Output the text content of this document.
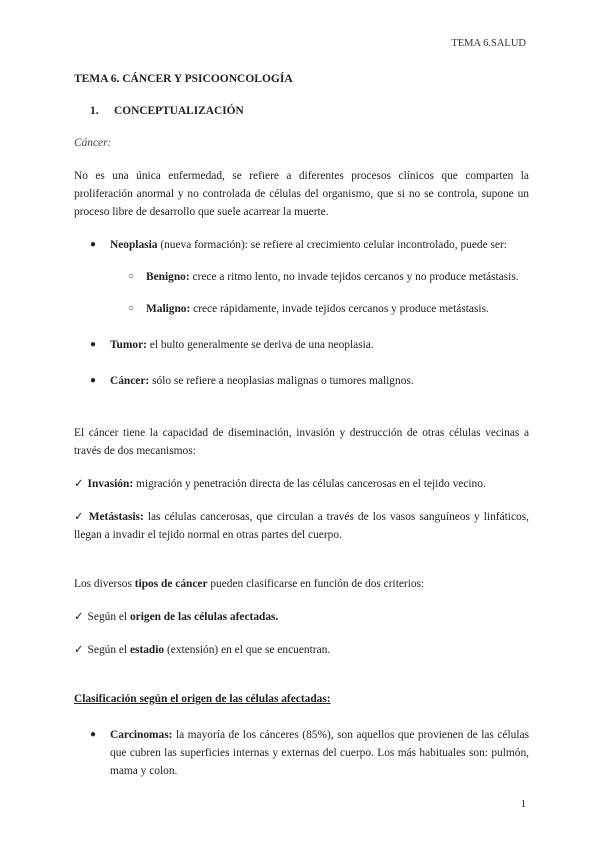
TEMA 6.SALUD
TEMA 6. CÁNCER Y PSICOONCOLOGÍA
1. CONCEPTUALIZACIÓN
Cáncer:

No es una única enfermedad, se refiere a diferentes procesos clínicos que comparten la proliferación anormal y no controlada de células del organismo, que si no se controla, supone un proceso libre de desarrollo que suele acarrear la muerte.

● Neoplasia (nueva formación): se refiere al crecimiento celular incontrolado, puede ser:
○ Benigno: crece a ritmo lento, no invade tejidos cercanos y no produce metástasis.
○ Maligno: crece rápidamente, invade tejidos cercanos y produce metástasis.
● Tumor: el bulto generalmente se deriva de una neoplasia.
● Cáncer: sólo se refiere a neoplasias malignas o tumores malignos.

El cáncer tiene la capacidad de diseminación, invasión y destrucción de otras células vecinas a través de dos mecanismos:

✓ Invasión: migración y penetración directa de las células cancerosas en el tejido vecino.
✓ Metástasis: las células cancerosas, que circulan a través de los vasos sanguíneos y linfáticos, llegan a invadir el tejido normal en otras partes del cuerpo.

Los diversos tipos de cáncer pueden clasificarse en función de dos criterios:

✓ Según el origen de las células afectadas.
✓ Según el estadio (extensión) en el que se encuentran.
Clasificación según el origen de las células afectadas:
● Carcinomas: la mayoría de los cánceres (85%), son aquellos que provienen de las células que cubren las superficies internas y externas del cuerpo. Los más habituales son: pulmón, mama y colon.
1
